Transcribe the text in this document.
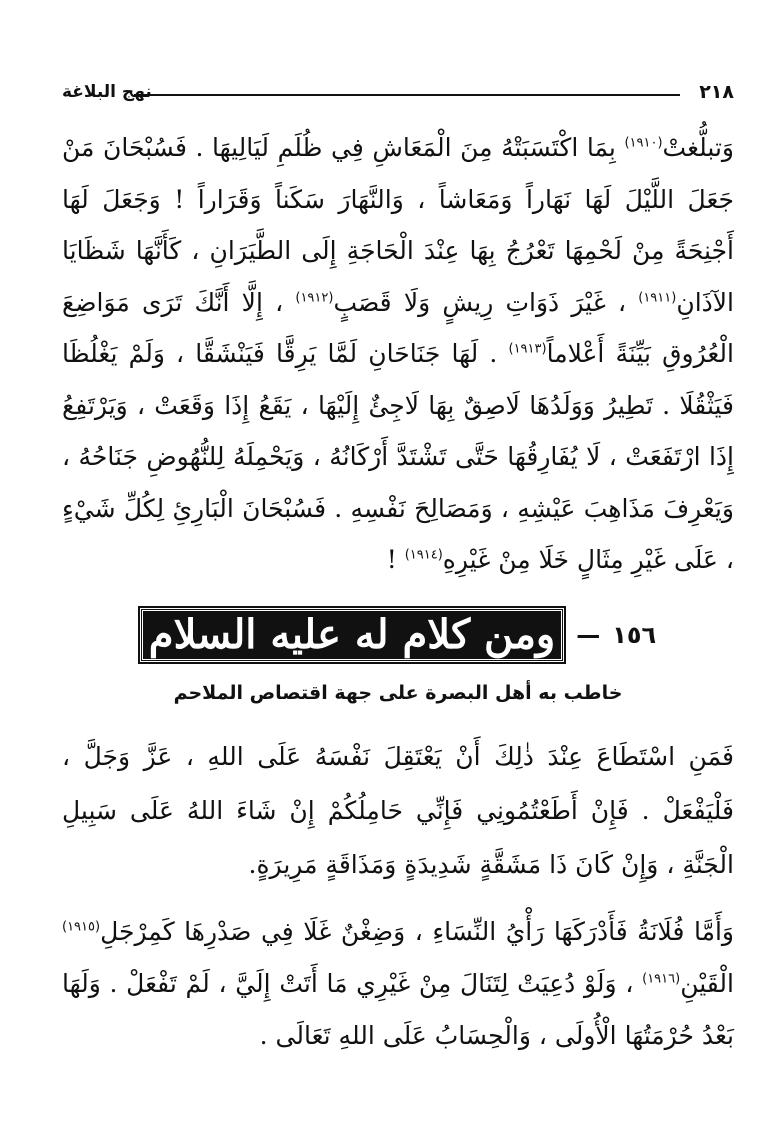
٢١٨
نهج البلاغة
وَتبلُّغتْ$^{(١٩١٠)}$ بِمَا اكْتَسَبَتْهُ مِنَ الْمَعَاشِ فِي ظُلَمِ لَيَالِيهَا . فَسُبْحَانَ مَنْ جَعَلَ اللَّيْلَ لَهَا نَهَاراً وَمَعَاشاً ، وَالنَّهَارَ سَكَناً وَقَرَاراً ! وَجَعَلَ لَهَا أَجْنِحَةً مِنْ لَحْمِهَا تَعْرُجُ بِهَا عِنْدَ الْحَاجَةِ إِلَى الطَّيَرَانِ ، كَأَنَّهَا شَظَايَا الآذَانِ$^{(١٩١١)}$ ، غَيْرَ ذَوَاتِ رِيشٍ وَلَا قَصَبٍ$^{(١٩١٢)}$ ، إِلَّا أَنَّكَ تَرَى مَوَاضِعَ الْعُرُوقِ بَيِّنَةً أَعْلاماً$^{(١٩١٣)}$ . لَهَا جَنَاحَانِ لَمَّا يَرِقَّا فَيَنْشَقَّا ، وَلَمْ يَغْلُظَا فَيَثْقُلَا . تَطِيرُ وَوَلَدُهَا لَاصِقٌ بِهَا لَاجِئٌ إِلَيْهَا ، يَقَعُ إِذَا وَقَعَتْ ، وَيَرْتَفِعُ إِذَا ارْتَفَعَتْ ، لَا يُفَارِقُهَا حَتَّى تَشْتَدَّ أَرْكَانُهُ ، وَيَحْمِلَهُ لِلنُّهُوضِ جَنَاحُهُ ، وَيَعْرِفَ مَذَاهِبَ عَيْشِهِ ، وَمَصَالِحَ نَفْسِهِ . فَسُبْحَانَ الْبَارِئِ لِكُلِّ شَيْءٍ ، عَلَى غَيْرِ مِثَالٍ خَلَا مِنْ غَيْرِهِ$^{(١٩١٤)}$ !
١٥٦
—
ومن كلام له عليه السلام
خاطب به أهل البصرة على جهة اقتصاص الملاحم
فَمَنِ اسْتَطَاعَ عِنْدَ ذٰلِكَ أَنْ يَعْتَقِلَ نَفْسَهُ عَلَى اللهِ ، عَزَّ وَجَلَّ ، فَلْيَفْعَلْ . فَإِنْ أَطَعْتُمُونِي فَإِنِّي حَامِلُكُمْ إِنْ شَاءَ اللهُ عَلَى سَبِيلِ الْجَنَّةِ ، وَإِنْ كَانَ ذَا مَشَقَّةٍ شَدِيدَةٍ وَمَذَاقَةٍ مَرِيرَةٍ.
وَأَمَّا فُلَانَةُ فَأَدْرَكَهَا رَأْيُ النِّسَاءِ ، وَضِغْنٌ غَلَا فِي صَدْرِهَا كَمِرْجَلِ$^{(١٩١٥)}$ الْقَيْنِ$^{(١٩١٦)}$ ، وَلَوْ دُعِيَتْ لِتَنَالَ مِنْ غَيْرِي مَا أَتَتْ إِلَيَّ ، لَمْ تَفْعَلْ . وَلَهَا بَعْدُ حُرْمَتُهَا الْأُولَى ، وَالْحِسَابُ عَلَى اللهِ تَعَالَى .
